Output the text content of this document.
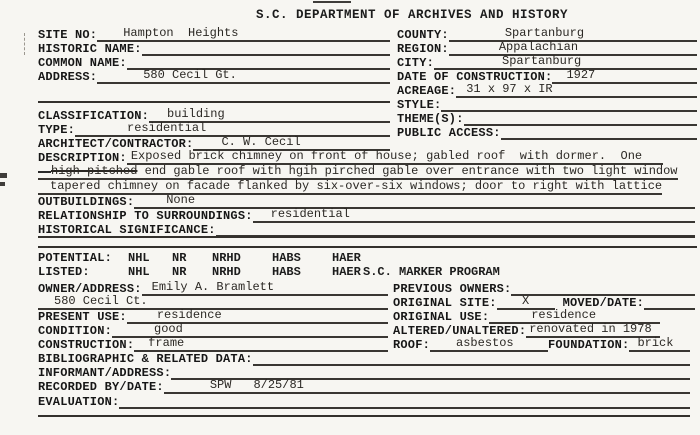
S.C. DEPARTMENT OF ARCHIVES AND HISTORY
SITE NO:	Hampton  Heights
HISTORIC NAME:
COMMON NAME:
ADDRESS:	580 Cecil Gt.
COUNTY:	Spartanburg
REGION:	Appalachian
CITY:	Spartanburg
DATE OF CONSTRUCTION:	1927
ACREAGE: 31 x 97 x IR
STYLE:
THEME(S):
PUBLIC ACCESS:
CLASSIFICATION:	building
TYPE:	residential
ARCHITECT/CONTRACTOR:	C. W. Cecil
DESCRIPTION: Exposed brick chimney on front of house; gabled roof  with dormer.  One
high pitched end gable roof with hgih pirched gable over entrance with two light window
tapered chimney on facade flanked by six-over-six windows; door to right with lattice
OUTBUILDINGS:	None
RELATIONSHIP TO SURROUNDINGS:	residential
HISTORICAL SIGNIFICANCE:
POTENTIAL: NHL NR NRHD	HABS	HAER
LISTED:	NHL NR NRHD	HABS	HAER S.C. MARKER PROGRAM
OWNER/ADDRESS: Emily A. Bramlett	PREVIOUS OWNERS:
580 Cecil Ct.	ORIGINAL SITE: X	MOVED/DATE:
PRESENT USE:	residence	ORIGINAL USE:	residence
CONDITION:	good	ALTERED/UNALTERED: renovated in 1978
CONSTRUCTION:	frame	ROOF:	asbestos	FOUNDATION: brick
BIBLIOGRAPHIC & RELATED DATA:
INFORMANT/ADDRESS:
RECORDED BY/DATE:	SPW	8/25/81
EVALUATION:
